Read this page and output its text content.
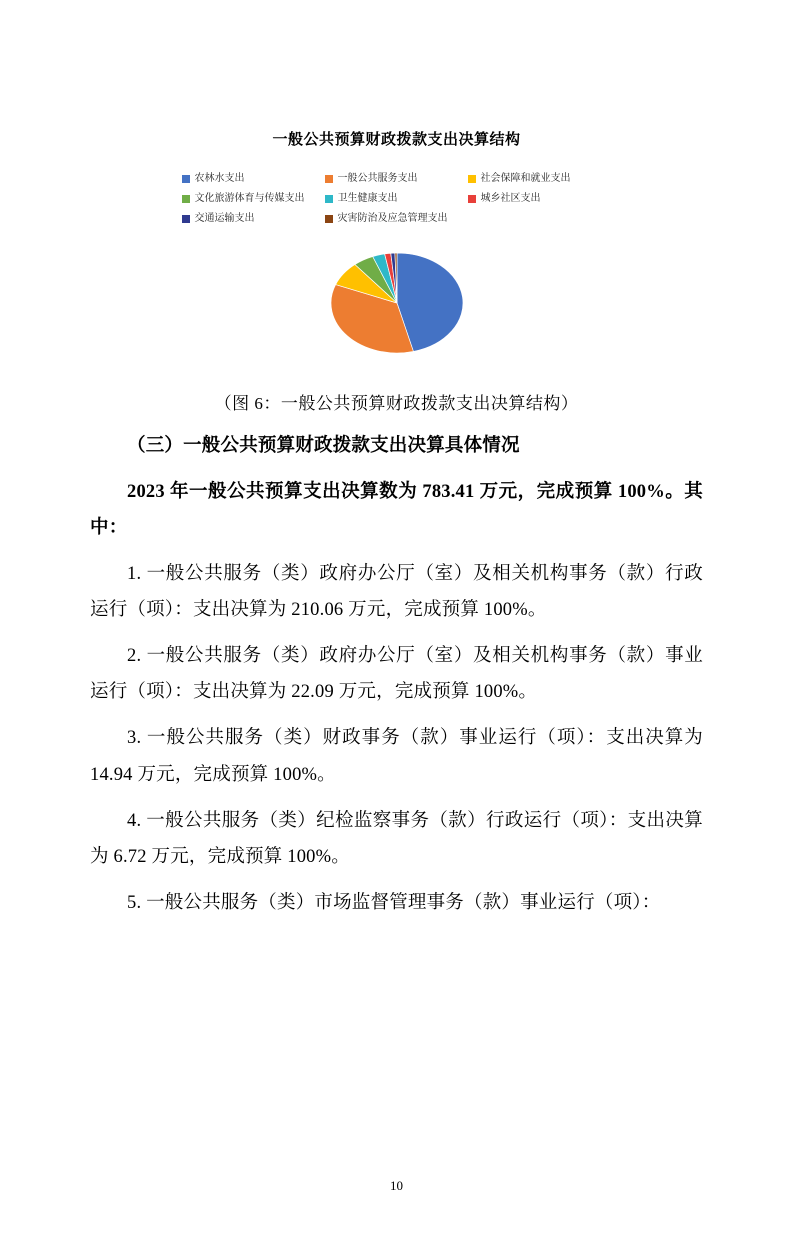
一般公共预算财政拨款支出决算结构
农林水支出	一般公共服务支出	社会保障和就业支出
文化旅游体育与传媒支出	卫生健康支出	城乡社区支出
交通运输支出	灾害防治及应急管理支出
（图 6：一般公共预算财政拨款支出决算结构）

（三）一般公共预算财政拨款支出决算具体情况

2023 年一般公共预算支出决算数为 783.41 万元，完成预算 100%。其中：

1. 一般公共服务（类）政府办公厅（室）及相关机构事务（款）行政运行（项）：支出决算为 210.06 万元，完成预算 100%。

2. 一般公共服务（类）政府办公厅（室）及相关机构事务（款）事业运行（项）：支出决算为 22.09 万元，完成预算 100%。

3. 一般公共服务（类）财政事务（款）事业运行（项）：支出决算为 14.94 万元，完成预算 100%。

4. 一般公共服务（类）纪检监察事务（款）行政运行（项）：支出决算为 6.72 万元，完成预算 100%。

5. 一般公共服务（类）市场监督管理事务（款）事业运行（项）：

10
